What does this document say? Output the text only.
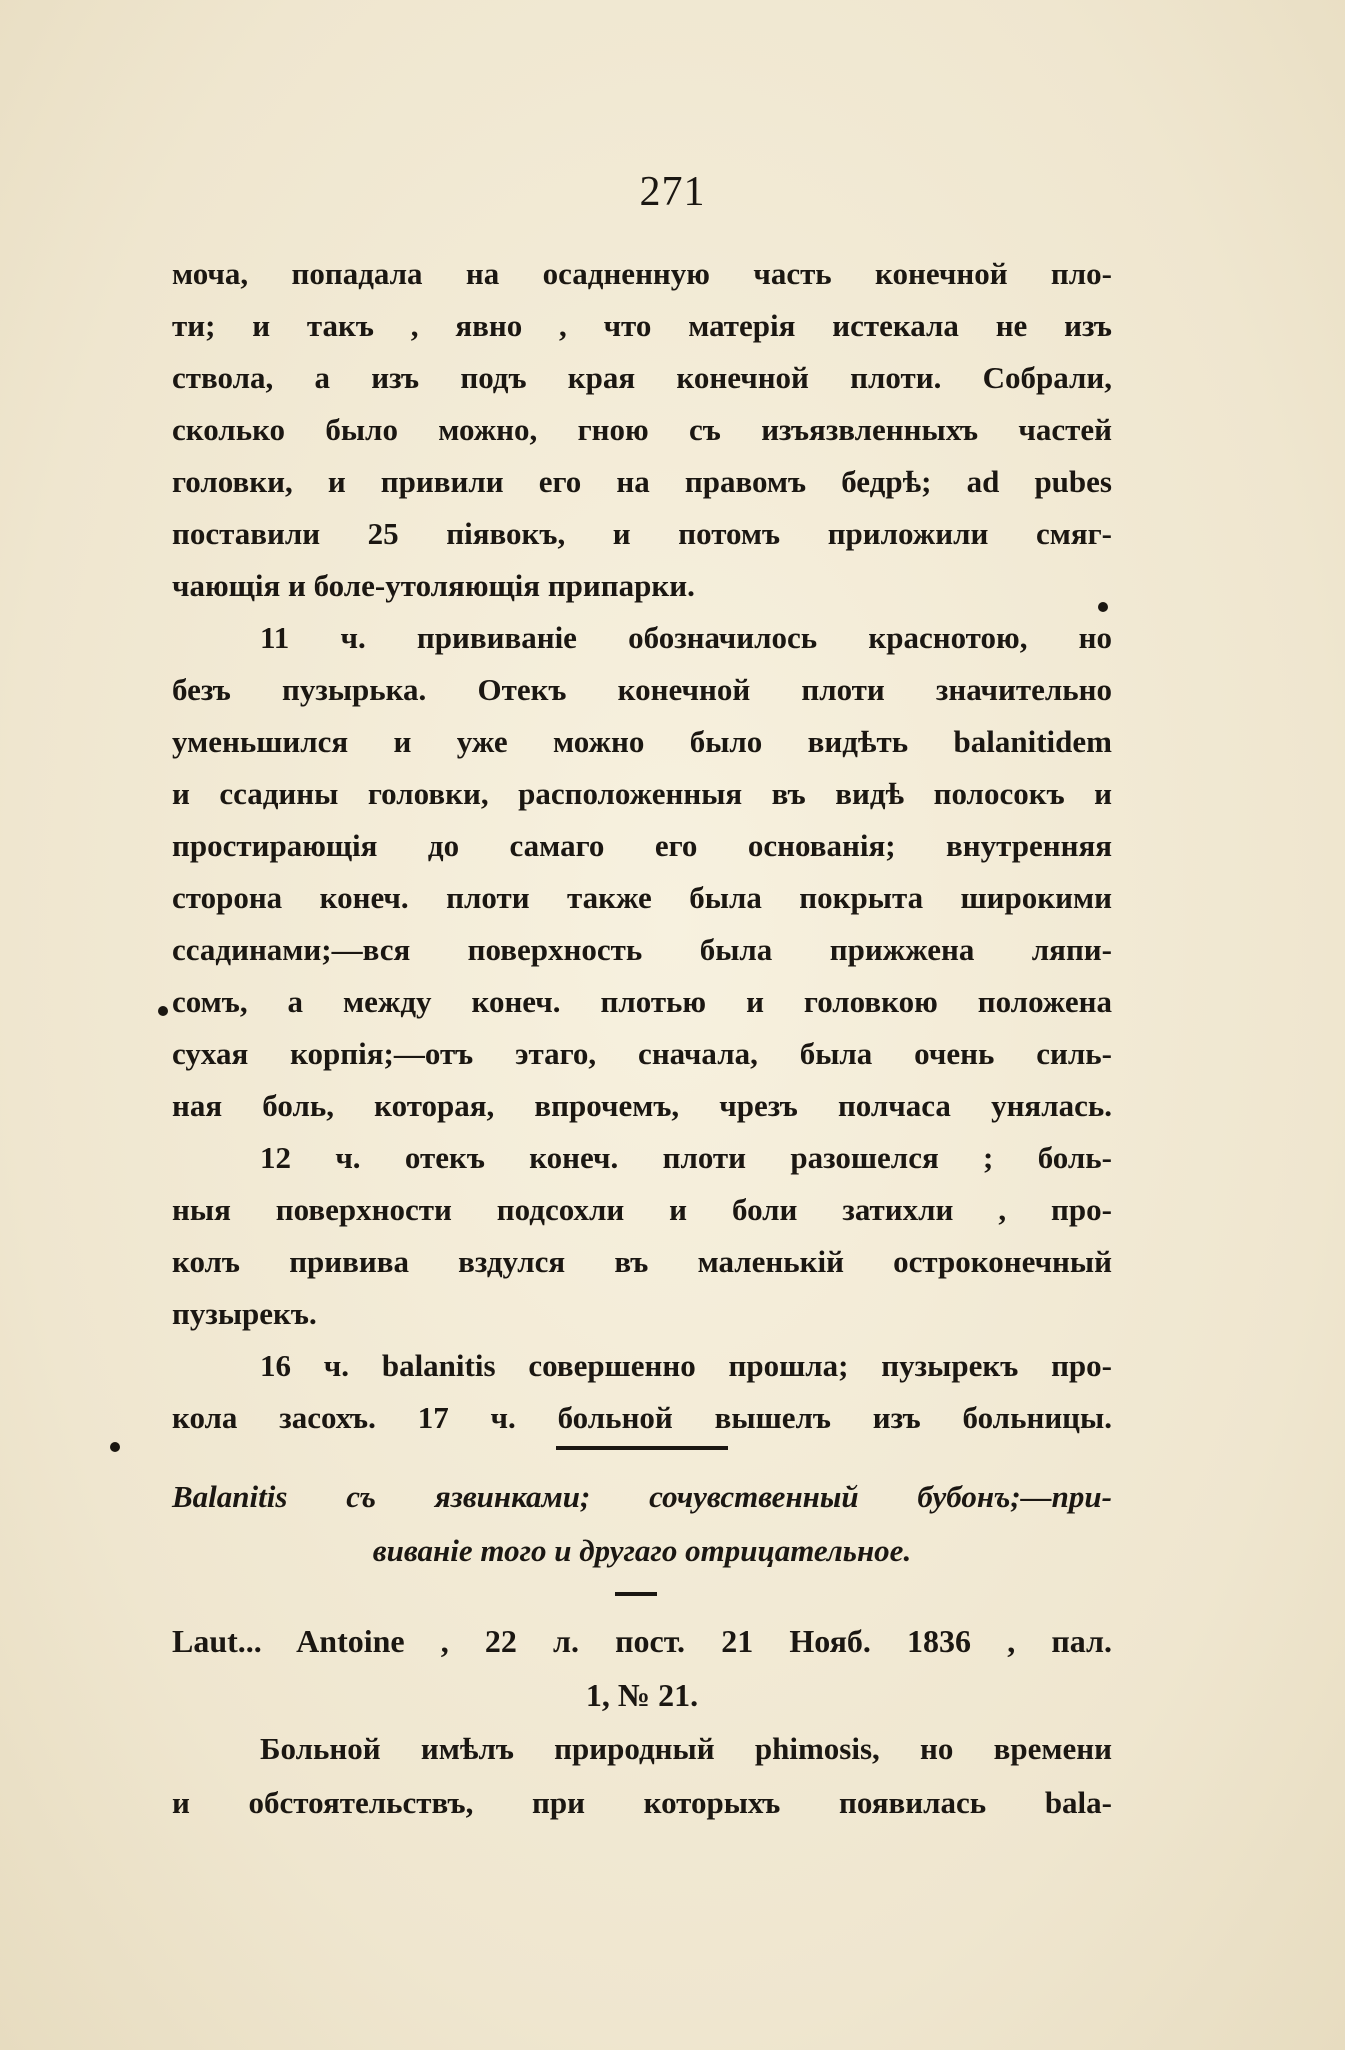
271
моча, попадала на осадненную часть конечной пло-
ти; и такъ , явно , что матерія истекала не изъ
ствола, а изъ подъ края конечной плоти. Собрали,
сколько было можно, гною съ изъязвленныхъ частей
головки, и привили его на правомъ бедрѣ; ad pubes
поставили 25 піявокъ, и потомъ приложили смяг-
чающія и боле-утоляющія припарки.
11 ч. прививаніе обозначилось краснотою, но
безъ пузырька. Отекъ конечной плоти значительно
уменьшился и уже можно было видѣть balanitidem
и ссадины головки, расположенныя въ видѣ полосокъ и
простирающія до самаго его основанія; внутренняя
сторона конеч. плоти также была покрыта широкими
ссадинами;—вся поверхность была прижжена ляпи-
сомъ, а между конеч. плотью и головкою положена
сухая корпія;—отъ этаго, сначала, была очень силь-
ная боль, которая, впрочемъ, чрезъ полчаса унялась.
12 ч. отекъ конеч. плоти разошелся ; боль-
ныя поверхности подсохли и боли затихли , про-
колъ привива вздулся въ маленькій остроконечный
пузырекъ.
16 ч. balanitis совершенно прошла; пузырекъ про-
кола засохъ. 17 ч. больной вышелъ изъ больницы.
Balanitis съ язвинками; сочувственный бубонъ;—при-
виваніе того и другаго отрицательное.
Laut... Antoine , 22 л. пост. 21 Нояб. 1836 , пал.
1, № 21.
Больной имѣлъ природный phimosis, но времени
и обстоятельствъ, при которыхъ появилась bala-
